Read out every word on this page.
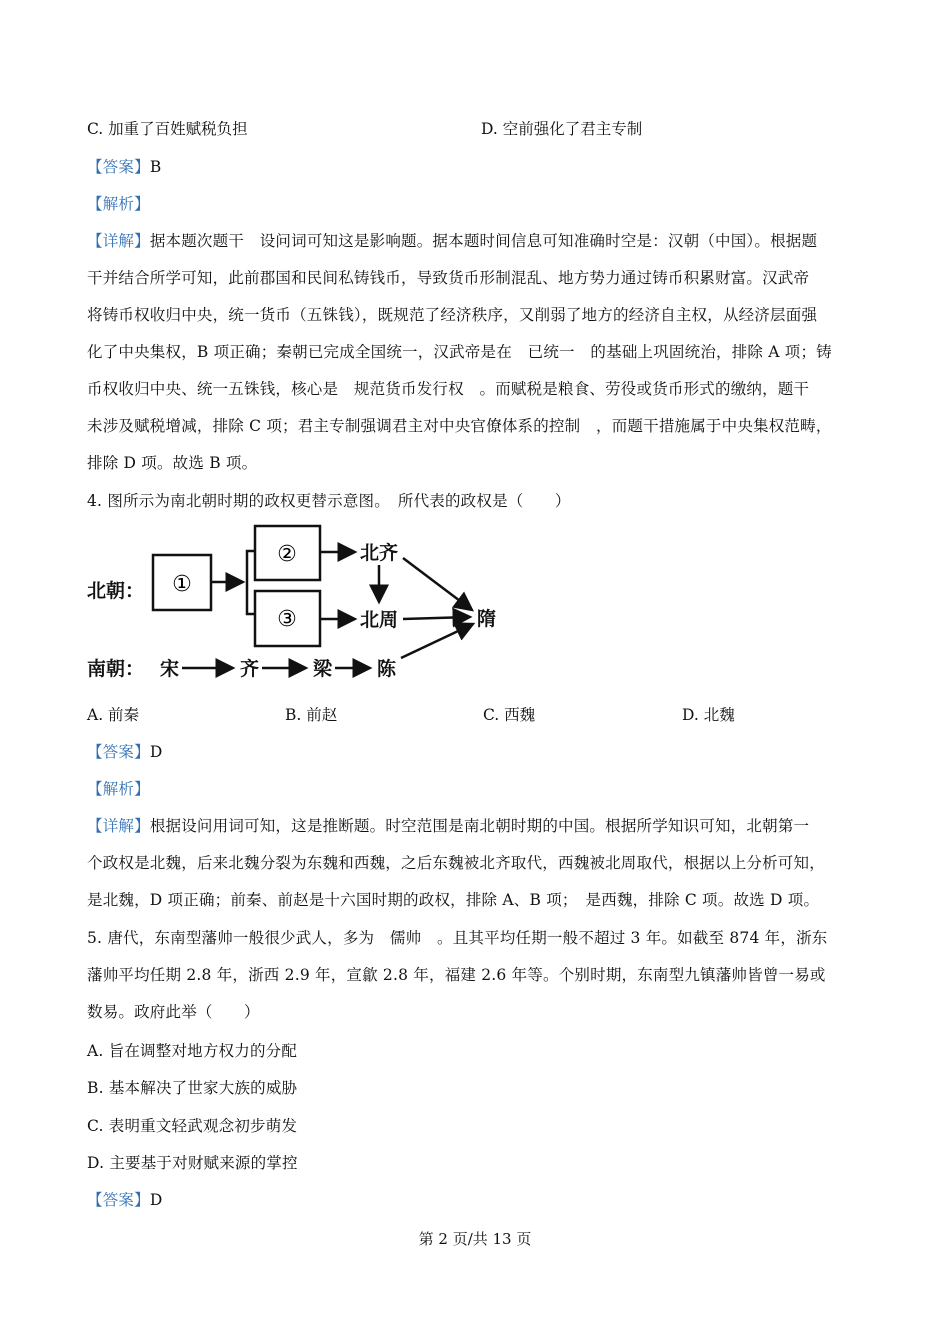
C. 加重了百姓赋税负担	D. 空前强化了君主专制
【答案】B
【解析】
【详解】据本题次题干　设问词可知这是影响题。据本题时间信息可知准确时空是：汉朝（中国）。根据题
干并结合所学可知，此前郡国和民间私铸钱币，导致货币形制混乱、地方势力通过铸币积累财富。汉武帝
将铸币权收归中央，统一货币（五铢钱），既规范了经济秩序，又削弱了地方的经济自主权，从经济层面强
化了中央集权，B 项正确；秦朝已完成全国统一，汉武帝是在　已统一　的基础上巩固统治，排除 A 项；铸
币权收归中央、统一五铢钱，核心是　规范货币发行权　。而赋税是粮食、劳役或货币形式的缴纳，题干
未涉及赋税增减，排除 C 项；君主专制强调君主对中央官僚体系的控制　，而题干措施属于中央集权范畴，
排除 D 项。故选 B 项。
4. 图所示为南北朝时期的政权更替示意图。　所代表的政权是（　　）
北朝：
南朝：
①
②
③
北齐
北周	隋
宋	齐	梁 陈
A. 前秦	B. 前赵	C. 西魏	D. 北魏
【答案】D
【解析】
【详解】根据设问用词可知，这是推断题。时空范围是南北朝时期的中国。根据所学知识可知，北朝第一
个政权是北魏，后来北魏分裂为东魏和西魏，之后东魏被北齐取代，西魏被北周取代，根据以上分析可知，
是北魏，D 项正确；前秦、前赵是十六国时期的政权，排除 A、B 项；　是西魏，排除 C 项。故选 D 项。
5. 唐代，东南型藩帅一般很少武人，多为　儒帅　。且其平均任期一般不超过 3 年。如截至 874 年，浙东
藩帅平均任期 2.8 年，浙西 2.9 年，宣歙 2.8 年，福建 2.6 年等。个别时期，东南型九镇藩帅皆曾一易或
数易。政府此举（　　）
A. 旨在调整对地方权力的分配
B. 基本解决了世家大族的威胁
C. 表明重文轻武观念初步萌发
D. 主要基于对财赋来源的掌控
【答案】D
第 2 页/共 13 页
